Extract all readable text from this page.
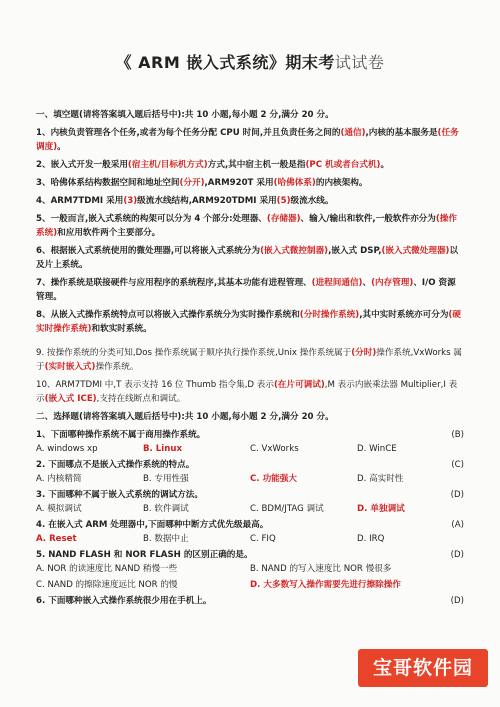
《 ARM 嵌入式系统》期末考试试卷

一、填空题(请将答案填入题后括号中):共 10 小题,每小题 2 分,满分 20 分。

1、内核负责管理各个任务,或者为每个任务分配 CPU 时间,并且负责任务之间的(通信),内核的基本服务是(任务调度)。

2、嵌入式开发一般采用(宿主机/目标机方式)方式,其中宿主机一般是指(PC 机或者台式机)。

3、哈佛体系结构数据空间和地址空间(分开),ARM920T 采用(哈佛体系)的内核架构。

4、ARM7TDMI 采用(3)级流水线结构,ARM920TDMI 采用(5)级流水线。

5、一般而言,嵌入式系统的构架可以分为 4 个部分:处理器、(存储器)、输入/输出和软件,一般软件亦分为(操作系统)和应用软件两个主要部分。

6、根据嵌入式系统使用的微处理器,可以将嵌入式系统分为(嵌入式微控制器),嵌入式 DSP,(嵌入式微处理器)以及片上系统。

7、操作系统是联接硬件与应用程序的系统程序,其基本功能有进程管理、(进程间通信)、(内存管理)、I/O 资源管理。

8、从嵌入式操作系统特点可以将嵌入式操作系统分为实时操作系统和(分时操作系统),其中实时系统亦可分为(硬实时操作系统)和软实时系统。

9. 按操作系统的分类可知,Dos 操作系统属于顺序执行操作系统,Unix 操作系统属于(分时)操作系统,VxWorks 属于(实时嵌入式)操作系统。

10、ARM7TDMI 中,T 表示支持 16 位 Thumb 指令集,D 表示(在片可调试),M 表示内嵌乘法器 Multiplier,I 表示(嵌入式 ICE),支持在线断点和调试。

二、选择题(请将答案填入题后括号中):共 10 小题,每小题 2 分,满分 20 分。

1、下面哪种操作系统不属于商用操作系统。	(B)
A. windows xp	B. Linux	C. VxWorks	D. WinCE
2. 下面哪点不是嵌入式操作系统的特点。	(C)
A. 内核精简	B. 专用性强	C. 功能强大	D. 高实时性
3. 下面哪种不属于嵌入式系统的调试方法。	(D)
A. 模拟调试	B. 软件调试	C. BDM/JTAG 调试	D. 单独调试
4. 在嵌入式 ARM 处理器中,下面哪种中断方式优先级最高。	(A)
A. Reset	B. 数据中止	C. FIQ	D. IRQ
5. NAND FLASH 和 NOR FLASH 的区别正确的是。	(D)
A. NOR 的读速度比 NAND 稍慢一些	B. NAND 的写入速度比 NOR 慢很多
C. NAND 的擦除速度远比 NOR 的慢	D. 大多数写入操作需要先进行擦除操作
6. 下面哪种嵌入式操作系统很少用在手机上。	(D)
宝哥软件园
